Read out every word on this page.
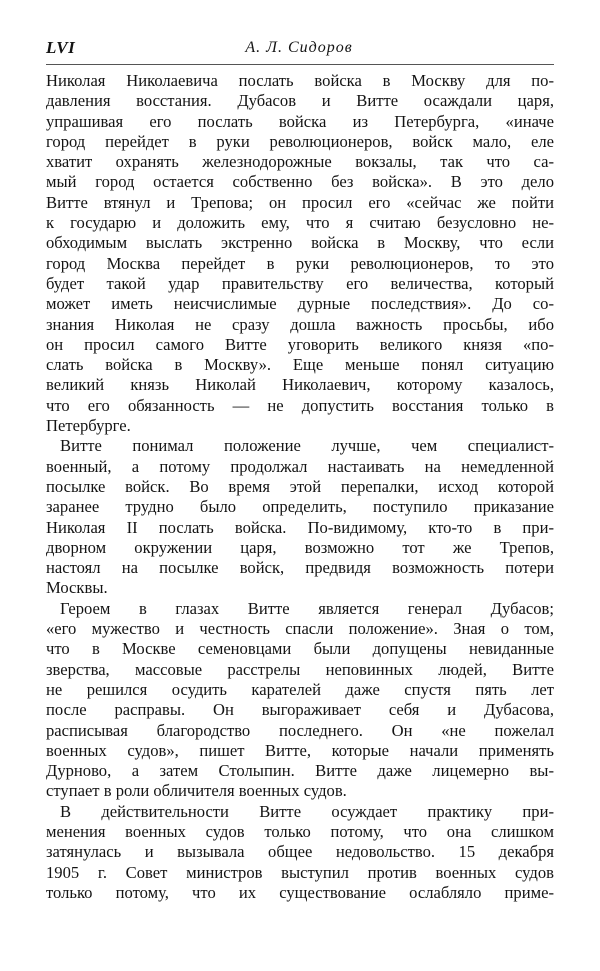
LVI	А. Л. Сидоров
Николая Николаевича послать войска в Москву для по-
давления восстания. Дубасов и Витте осаждали царя,
упрашивая его послать войска из Петербурга, «иначе
город перейдет в руки революционеров, войск мало, еле
хватит охранять железнодорожные вокзалы, так что са-
мый город остается собственно без войска». В это дело
Витте втянул и Трепова; он просил его «сейчас же пойти
к государю и доложить ему, что я считаю безусловно не-
обходимым выслать экстренно войска в Москву, что если
город Москва перейдет в руки революционеров, то это
будет такой удар правительству его величества, который
может иметь неисчислимые дурные последствия». До со-
знания Николая не сразу дошла важность просьбы, ибо
он просил самого Витте уговорить великого князя «по-
слать войска в Москву». Еще меньше понял ситуацию
великий князь Николай Николаевич, которому казалось,
что его обязанность — не допустить восстания только в
Петербурге.
Витте понимал положение лучше, чем специалист-
военный, а потому продолжал настаивать на немедленной
посылке войск. Во время этой перепалки, исход которой
заранее трудно было определить, поступило приказание
Николая II послать войска. По-видимому, кто-то в при-
дворном окружении царя, возможно тот же Трепов,
настоял на посылке войск, предвидя возможность потери
Москвы.
Героем в глазах Витте является генерал Дубасов;
«его мужество и честность спасли положение». Зная о том,
что в Москве семеновцами были допущены невиданные
зверства, массовые расстрелы неповинных людей, Витте
не решился осудить карателей даже спустя пять лет
после расправы. Он выгораживает себя и Дубасова,
расписывая благородство последнего. Он «не пожелал
военных судов», пишет Витте, которые начали применять
Дурново, а затем Столыпин. Витте даже лицемерно вы-
ступает в роли обличителя военных судов.
В действительности Витте осуждает практику при-
менения военных судов только потому, что она слишком
затянулась и вызывала общее недовольство. 15 декабря
1905 г. Совет министров выступил против военных судов
только потому, что их существование ослабляло приме-
